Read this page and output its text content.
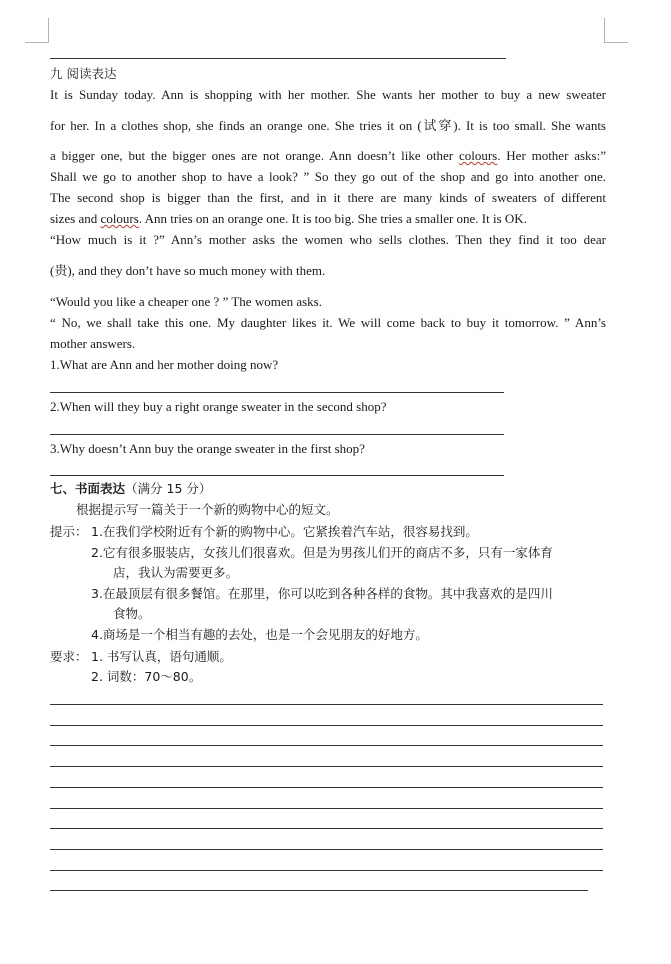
九 阅读表达
It is Sunday today. Ann is shopping with her mother. She wants her mother to buy a new sweater
for her. In a clothes shop, she finds an orange one. She tries it on (试穿). It is too small. She wants
a bigger one, but the bigger ones are not orange. Ann doesn’t like other colours. Her mother asks:”
Shall we go to another shop to have a look? ” So they go out of the shop and go into another one.
The second shop is bigger than the first, and in it there are many kinds of sweaters of different
sizes and colours. Ann tries on an orange one. It is too big. She tries a smaller one. It is OK.
“How much is it ?” Ann’s mother asks the women who sells clothes. Then they find it too dear
(贵), and they don’t have so much money with them.
“Would you like a cheaper one ? ” The women asks.
“ No, we shall take this one. My daughter likes it. We will come back to buy it tomorrow. ” Ann’s
mother answers.
1.What are Ann and her mother doing now?
2.When will they buy a right orange sweater in the second shop?
3.Why doesn’t Ann buy the orange sweater in the first shop?
七、书面表达（满分 15 分）
根据提示写一篇关于一个新的购物中心的短文。
提示： 1.在我们学校附近有个新的购物中心。它紧挨着汽车站，很容易找到。
2.它有很多服装店，女孩儿们很喜欢。但是为男孩儿们开的商店不多，只有一家体育
店，我认为需要更多。
3.在最顶层有很多餐馆。在那里，你可以吃到各种各样的食物。其中我喜欢的是四川
食物。
4.商场是一个相当有趣的去处，也是一个会见朋友的好地方。
要求： 1. 书写认真，语句通顺。
2. 词数：70～80。
